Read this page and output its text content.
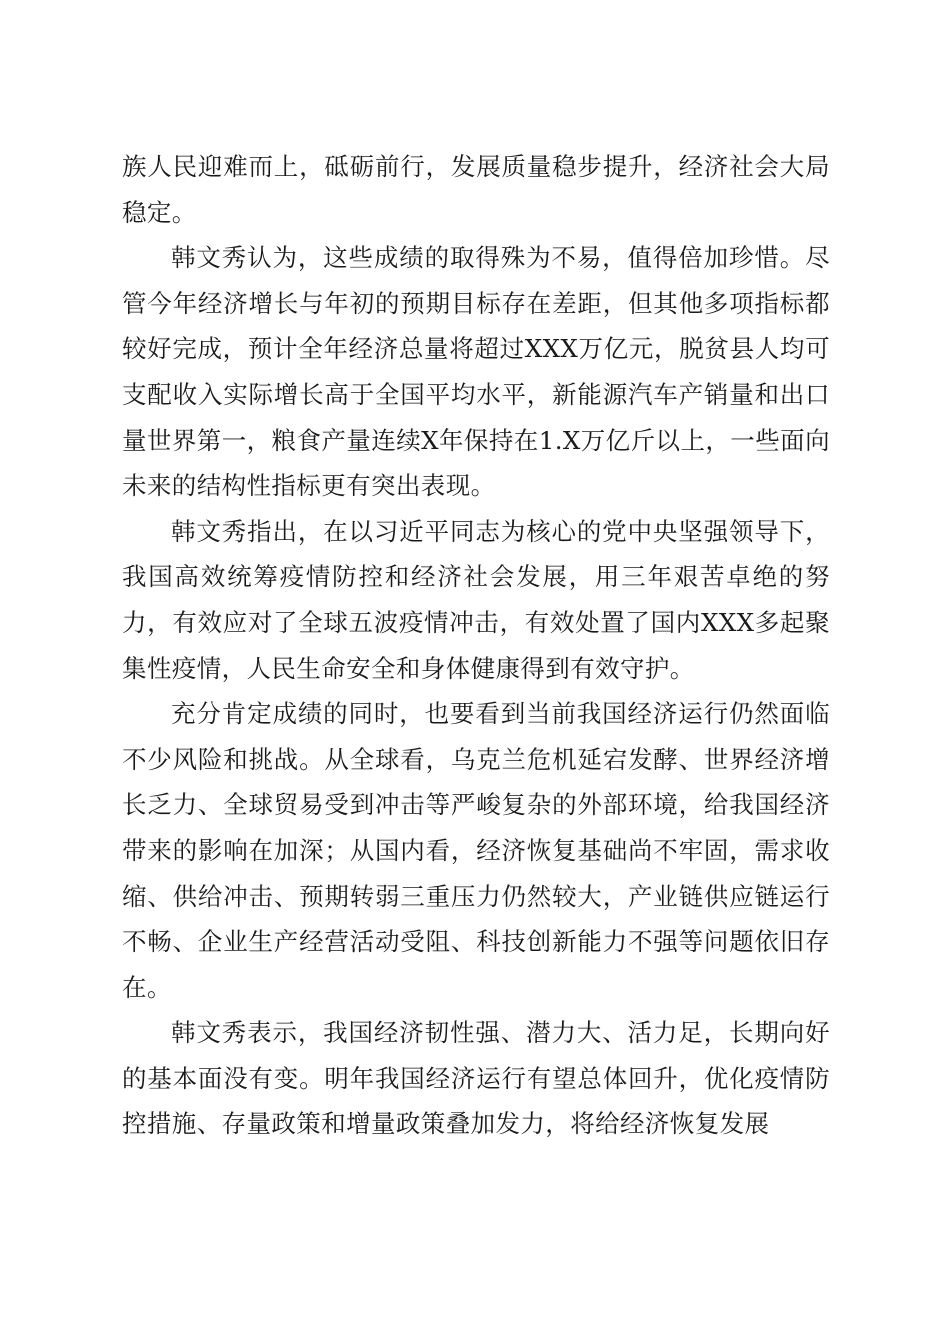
族人民迎难而上，砥砺前行，发展质量稳步提升，经济社会大局稳定。

韩文秀认为，这些成绩的取得殊为不易，值得倍加珍惜。尽管今年经济增长与年初的预期目标存在差距，但其他多项指标都较好完成，预计全年经济总量将超过XXX万亿元，脱贫县人均可支配收入实际增长高于全国平均水平，新能源汽车产销量和出口量世界第一，粮食产量连续X年保持在1.X万亿斤以上，一些面向未来的结构性指标更有突出表现。

韩文秀指出，在以习近平同志为核心的党中央坚强领导下，我国高效统筹疫情防控和经济社会发展，用三年艰苦卓绝的努力，有效应对了全球五波疫情冲击，有效处置了国内XXX多起聚集性疫情，人民生命安全和身体健康得到有效守护。

充分肯定成绩的同时，也要看到当前我国经济运行仍然面临不少风险和挑战。从全球看，乌克兰危机延宕发酵、世界经济增长乏力、全球贸易受到冲击等严峻复杂的外部环境，给我国经济带来的影响在加深；从国内看，经济恢复基础尚不牢固，需求收缩、供给冲击、预期转弱三重压力仍然较大，产业链供应链运行不畅、企业生产经营活动受阻、科技创新能力不强等问题依旧存在。

韩文秀表示，我国经济韧性强、潜力大、活力足，长期向好的基本面没有变。明年我国经济运行有望总体回升，优化疫情防控措施、存量政策和增量政策叠加发力，将给经济恢复发展
